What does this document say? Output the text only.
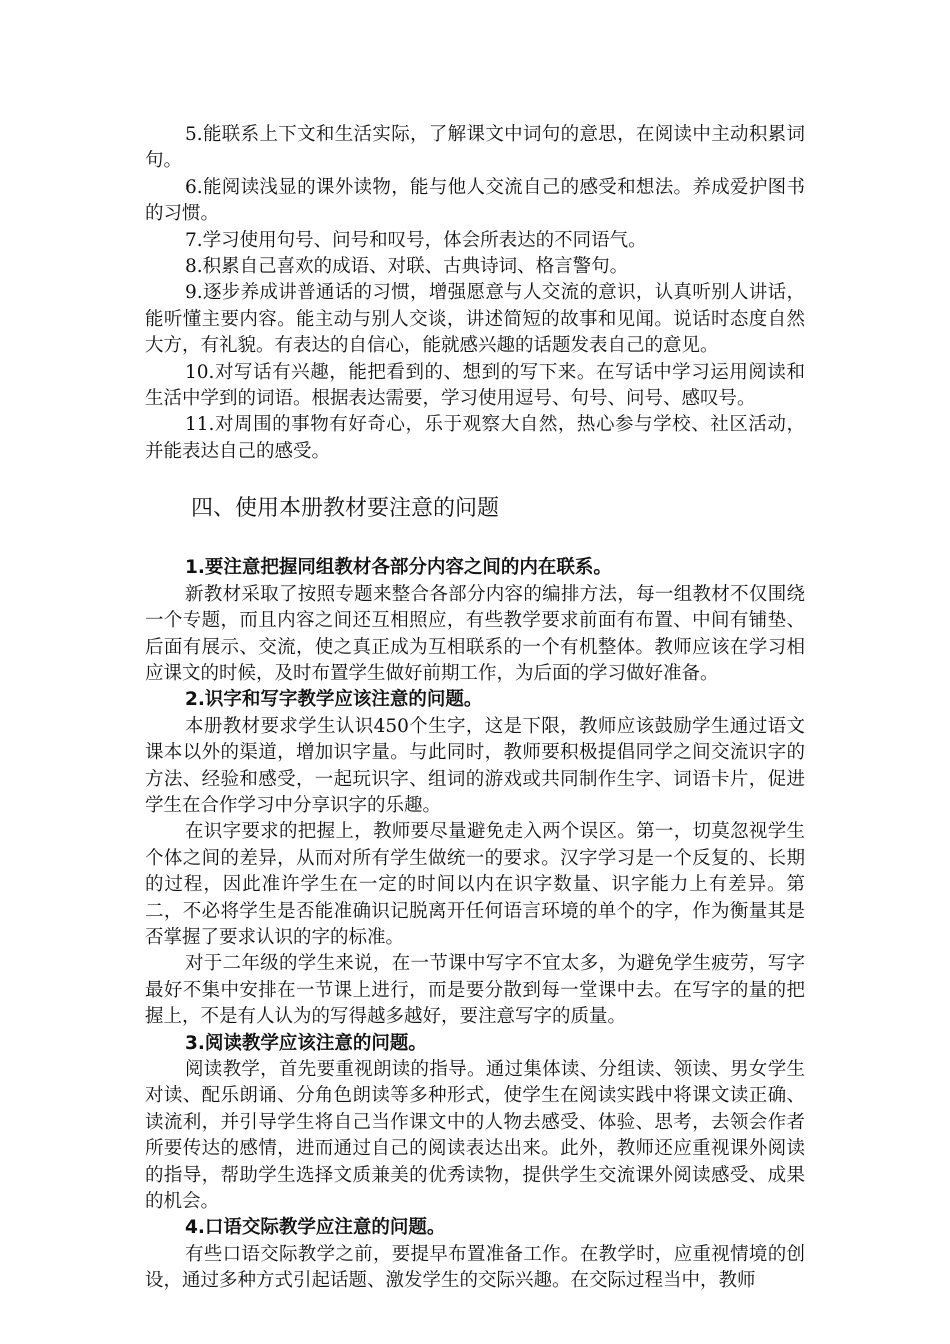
5.能联系上下文和生活实际，了解课文中词句的意思，在阅读中主动积累词句。

6.能阅读浅显的课外读物，能与他人交流自己的感受和想法。养成爱护图书的习惯。

7.学习使用句号、问号和叹号，体会所表达的不同语气。

8.积累自己喜欢的成语、对联、古典诗词、格言警句。

9.逐步养成讲普通话的习惯，增强愿意与人交流的意识，认真听别人讲话，能听懂主要内容。能主动与别人交谈，讲述简短的故事和见闻。说话时态度自然大方，有礼貌。有表达的自信心，能就感兴趣的话题发表自己的意见。

10.对写话有兴趣，能把看到的、想到的写下来。在写话中学习运用阅读和生活中学到的词语。根据表达需要，学习使用逗号、句号、问号、感叹号。

11.对周围的事物有好奇心，乐于观察大自然，热心参与学校、社区活动，并能表达自己的感受。

四、使用本册教材要注意的问题

1.要注意把握同组教材各部分内容之间的内在联系。

新教材采取了按照专题来整合各部分内容的编排方法，每一组教材不仅围绕一个专题，而且内容之间还互相照应，有些教学要求前面有布置、中间有铺垫、后面有展示、交流，使之真正成为互相联系的一个有机整体。教师应该在学习相应课文的时候，及时布置学生做好前期工作，为后面的学习做好准备。

2.识字和写字教学应该注意的问题。

本册教材要求学生认识450个生字，这是下限，教师应该鼓励学生通过语文课本以外的渠道，增加识字量。与此同时，教师要积极提倡同学之间交流识字的方法、经验和感受，一起玩识字、组词的游戏或共同制作生字、词语卡片，促进学生在合作学习中分享识字的乐趣。

在识字要求的把握上，教师要尽量避免走入两个误区。第一，切莫忽视学生个体之间的差异，从而对所有学生做统一的要求。汉字学习是一个反复的、长期的过程，因此准许学生在一定的时间以内在识字数量、识字能力上有差异。第二，不必将学生是否能准确识记脱离开任何语言环境的单个的字，作为衡量其是否掌握了要求认识的字的标准。

对于二年级的学生来说，在一节课中写字不宜太多，为避免学生疲劳，写字最好不集中安排在一节课上进行，而是要分散到每一堂课中去。在写字的量的把握上，不是有人认为的写得越多越好，要注意写字的质量。

3.阅读教学应该注意的问题。

阅读教学，首先要重视朗读的指导。通过集体读、分组读、领读、男女学生对读、配乐朗诵、分角色朗读等多种形式，使学生在阅读实践中将课文读正确、读流利，并引导学生将自己当作课文中的人物去感受、体验、思考，去领会作者所要传达的感情，进而通过自己的阅读表达出来。此外，教师还应重视课外阅读的指导，帮助学生选择文质兼美的优秀读物，提供学生交流课外阅读感受、成果的机会。

4.口语交际教学应注意的问题。

有些口语交际教学之前，要提早布置准备工作。在教学时，应重视情境的创设，通过多种方式引起话题、激发学生的交际兴趣。在交际过程当中，教师
